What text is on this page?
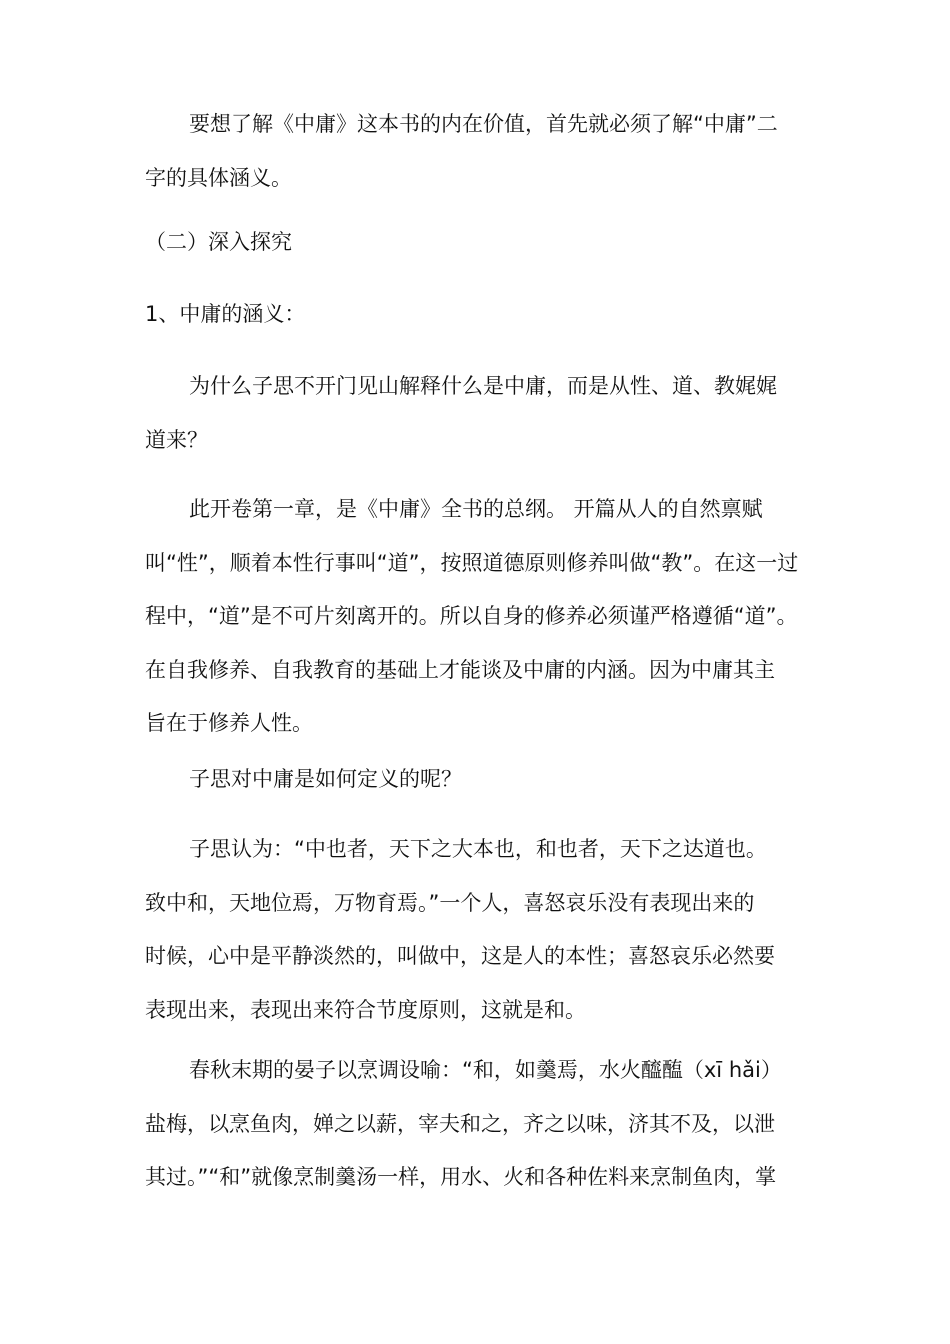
要想了解《中庸》这本书的内在价值，首先就必须了解“中庸”二
字的具体涵义。
（二）深入探究
1、中庸的涵义：
为什么子思不开门见山解释什么是中庸，而是从性、道、教娓娓
道来？
此开卷第一章，是《中庸》全书的总纲。 开篇从人的自然禀赋
叫“性”，顺着本性行事叫“道”，按照道德原则修养叫做“教”。在这一过
程中，“道”是不可片刻离开的。所以自身的修养必须谨严格遵循“道”。
在自我修养、自我教育的基础上才能谈及中庸的内涵。因为中庸其主
旨在于修养人性。
子思对中庸是如何定义的呢？
子思认为：“中也者，天下之大本也，和也者，天下之达道也。
致中和，天地位焉，万物育焉。”一个人，喜怒哀乐没有表现出来的
时候，心中是平静淡然的，叫做中，这是人的本性；喜怒哀乐必然要
表现出来，表现出来符合节度原则，这就是和。
春秋末期的晏子以烹调设喻：“和，如羹焉，水火醯醢（xī hǎi）
盐梅，以烹鱼肉，婵之以薪，宰夫和之，齐之以味，济其不及，以泄
其过。”“和”就像烹制羹汤一样，用水、火和各种佐料来烹制鱼肉，掌
